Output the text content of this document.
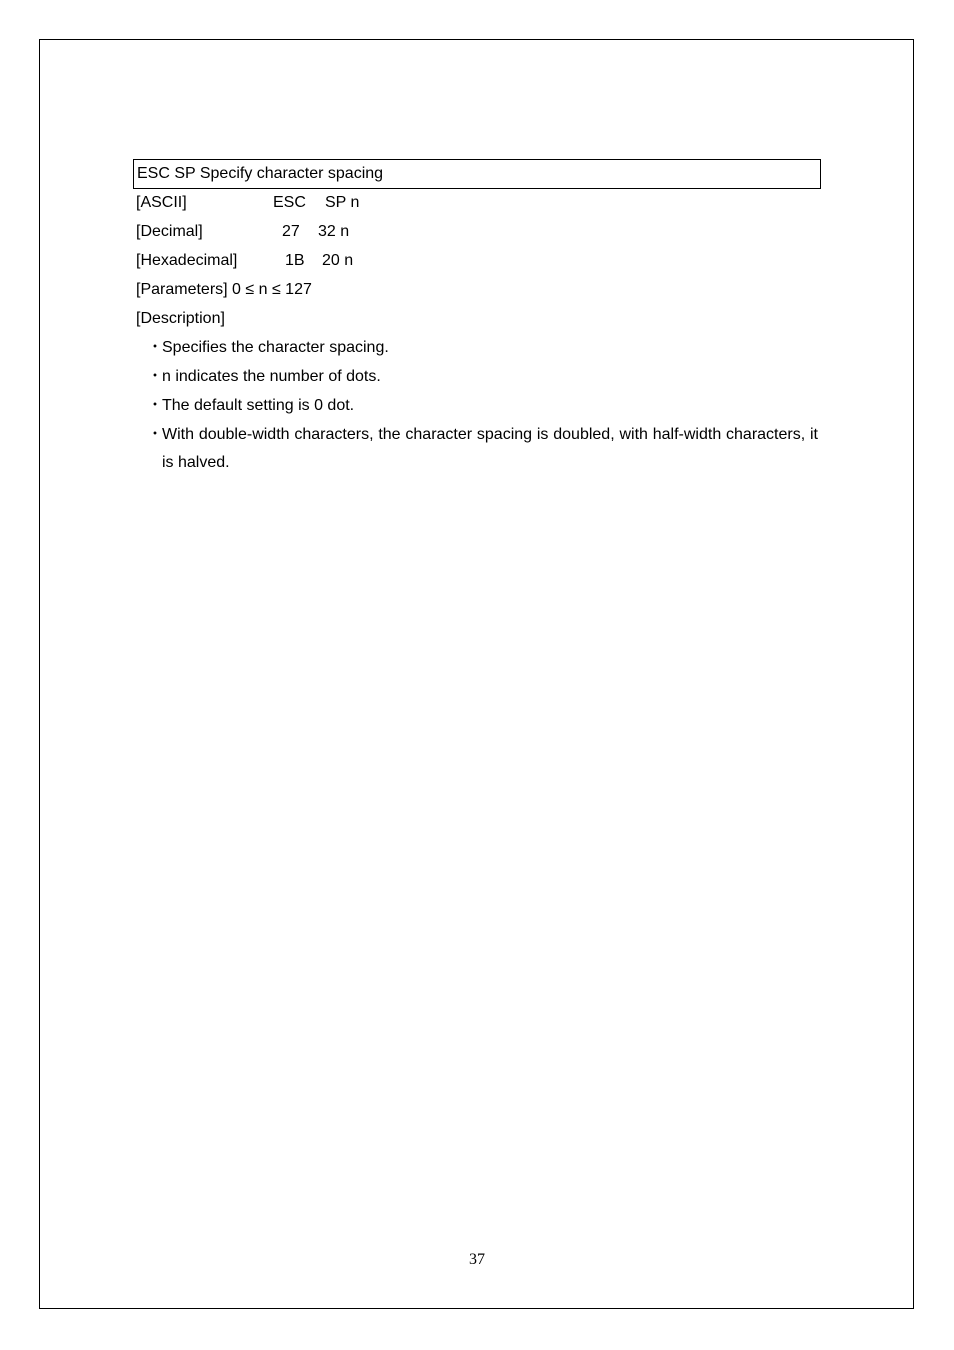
ESC SP Specify character spacing
[ASCII]	ESC SP n
[Decimal]	27 32 n
[Hexadecimal]	1B 20 n
[Parameters] 0 ≤ n ≤ 127
[Description]
・
Specifies the character spacing.
・
n indicates the number of dots.
・
The default setting is 0 dot.
・
With double-width characters, the character spacing is doubled, with half-width characters, it is halved.
37
